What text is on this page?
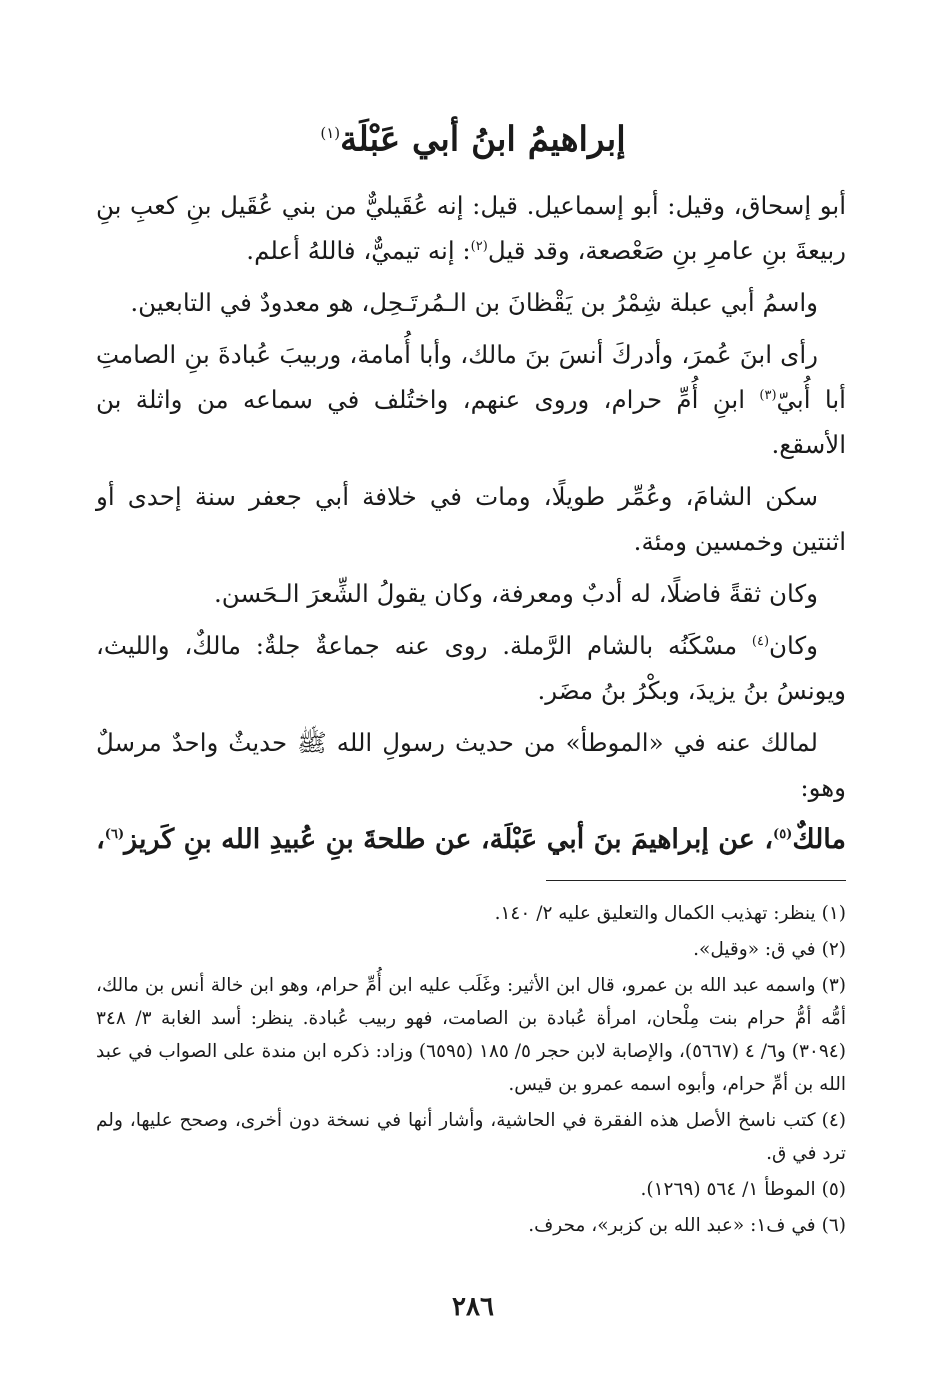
إبراهيمُ ابنُ أبي عَبْلَة$^{(١)}$

أبو إسحاق، وقيل: أبو إسماعيل. قيل: إنه عُقَيليٌّ من بني عُقَيل بنِ كعبِ بنِ ربيعةَ بنِ عامرِ بنِ صَعْصعة، وقد قيل$^{(٢)}$: إنه تيميٌّ، فاللهُ أعلم.

واسمُ أبي عبلة شِمْرُ بن يَقْظانَ بن الـمُرتَـحِل، هو معدودٌ في التابعين.

رأى ابنَ عُمرَ، وأدركَ أنسَ بنَ مالك، وأبا أُمامة، وربيبَ عُبادةَ بنِ الصامتِ أبا أُبيّ$^{(٣)}$ ابنِ أُمِّ حرام، وروى عنهم، واختُلف في سماعه من واثلة بن الأسقع.

سكن الشامَ، وعُمِّر طويلًا، ومات في خلافة أبي جعفر سنة إحدى أو اثنتين وخمسين ومئة.

وكان ثقةً فاضلًا، له أدبٌ ومعرفة، وكان يقولُ الشِّعرَ الـحَسن.

وكان$^{(٤)}$ مسْكَنُه بالشام الرَّملة. روى عنه جماعةٌ جلةٌ: مالكٌ، والليث، ويونسُ بنُ يزيدَ، وبكْرُ بنُ مضَر.

لمالك عنه في «الموطأ» من حديث رسولِ الله ﷺ حديثٌ واحدٌ مرسلٌ وهو:

مالكٌ$^{(٥)}$، عن إبراهيمَ بنَ أبي عَبْلَة، عن طلحةَ بنِ عُبيدِ الله بنِ كَريز$^{(٦)}$،

(١)ينظر: تهذيب الكمال والتعليق عليه ٢/ ١٤٠.
(٢)في ق: «وقيل».
(٣)واسمه عبد الله بن عمرو، قال ابن الأثير: وغَلَب عليه ابن أُمِّ حرام، وهو ابن خالة أنس بن مالك، أمُّه أمُّ حرام بنت مِلْحان، امرأة عُبادة بن الصامت، فهو ربيب عُبادة. ينظر: أسد الغابة ٣/ ٣٤٨ (٣٠٩٤) و٦/ ٤ (٥٦٦٧)، والإصابة لابن حجر ٥/ ١٨٥ (٦٥٩٥) وزاد: ذكره ابن مندة على الصواب في عبد الله بن أمِّ حرام، وأبوه اسمه عمرو بن قيس.
(٤)كتب ناسخ الأصل هذه الفقرة في الحاشية، وأشار أنها في نسخة دون أخرى، وصحح عليها، ولم ترد في ق.
(٥)الموطأ ١/ ٥٦٤ (١٢٦٩).
(٦)في ف١: «عبد الله بن كزبر»، محرف.
٢٨٦
